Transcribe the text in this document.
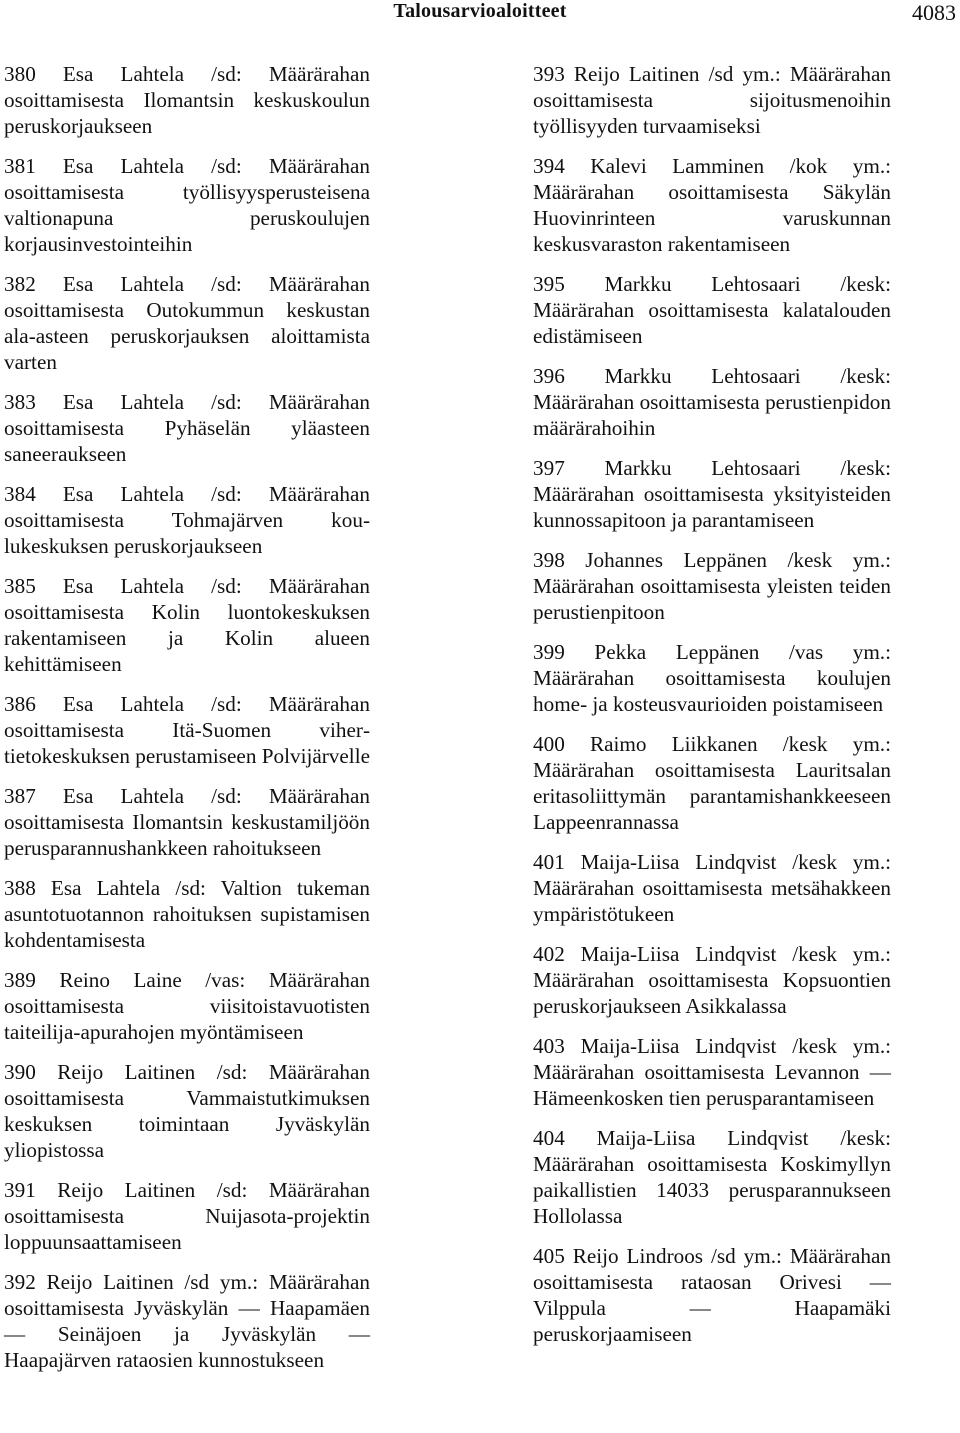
Talousarvioaloitteet	4083

380 Esa Lahtela /sd: Määrärahan osoittamisesta Ilomantsin keskuskoulun peruskorjaukseen

381 Esa Lahtela /sd: Määrärahan osoittamisesta työllisyysperusteisena valtionapuna peruskoulujen korjausinvestointeihin

382 Esa Lahtela /sd: Määrärahan osoittamisesta Outokummun keskustan ala-asteen peruskorjauksen aloittamista varten

383 Esa Lahtela /sd: Määrärahan osoittamisesta Pyhäselän yläasteen saneeraukseen

384 Esa Lahtela /sd: Määrärahan osoittamisesta Tohmajärven koulukeskuksen peruskorjaukseen

385 Esa Lahtela /sd: Määrärahan osoittamisesta Kolin luontokeskuksen rakentamiseen ja Kolin alueen kehittämiseen

386 Esa Lahtela /sd: Määrärahan osoittamisesta Itä-Suomen vihertietokeskuksen perustamiseen Polvijärvelle

387 Esa Lahtela /sd: Määrärahan osoittamisesta Ilomantsin keskustamiljöön perusparannushankkeen rahoitukseen

388 Esa Lahtela /sd: Valtion tukeman asuntotuotannon rahoituksen supistamisen kohdentamisesta

389 Reino Laine /vas: Määrärahan osoittamisesta viisitoistavuotisten taiteilija-apurahojen myöntämiseen

390 Reijo Laitinen /sd: Määrärahan osoittamisesta Vammaistutkimuksen keskuksen toimintaan Jyväskylän yliopistossa

391 Reijo Laitinen /sd: Määrärahan osoittamisesta Nuijasota-projektin loppuunsaattamiseen

392 Reijo Laitinen /sd ym.: Määrärahan osoittamisesta Jyväskylän — Haapamäen — Seinäjoen ja Jyväskylän — Haapajärven rataosien kunnostukseen

393 Reijo Laitinen /sd ym.: Määrärahan osoittamisesta sijoitusmenoihin työllisyyden turvaamiseksi

394 Kalevi Lamminen /kok ym.: Määrärahan osoittamisesta Säkylän Huovinrinteen varuskunnan keskusvaraston rakentamiseen

395 Markku Lehtosaari /kesk: Määrärahan osoittamisesta kalatalouden edistämiseen

396 Markku Lehtosaari /kesk: Määrärahan osoittamisesta perustienpidon määrärahoihin

397 Markku Lehtosaari /kesk: Määrärahan osoittamisesta yksityisteiden kunnossapitoon ja parantamiseen

398 Johannes Leppänen /kesk ym.: Määrärahan osoittamisesta yleisten teiden perustienpitoon

399 Pekka Leppänen /vas ym.: Määrärahan osoittamisesta koulujen home- ja kosteusvaurioiden poistamiseen

400 Raimo Liikkanen /kesk ym.: Määrärahan osoittamisesta Lauritsalan eritasoliittymän parantamishankkeeseen Lappeenrannassa

401 Maija-Liisa Lindqvist /kesk ym.: Määrärahan osoittamisesta metsähakkeen ympäristötukeen

402 Maija-Liisa Lindqvist /kesk ym.: Määrärahan osoittamisesta Kopsuontien peruskorjaukseen Asikkalassa

403 Maija-Liisa Lindqvist /kesk ym.: Määrärahan osoittamisesta Levannon — Hämeenkosken tien perusparantamiseen

404 Maija-Liisa Lindqvist /kesk: Määrärahan osoittamisesta Koskimyllyn paikallistien 14033 perusparannukseen Hollolassa

405 Reijo Lindroos /sd ym.: Määrärahan osoittamisesta rataosan Orivesi — Vilppula — Haapamäki peruskorjaamiseen
